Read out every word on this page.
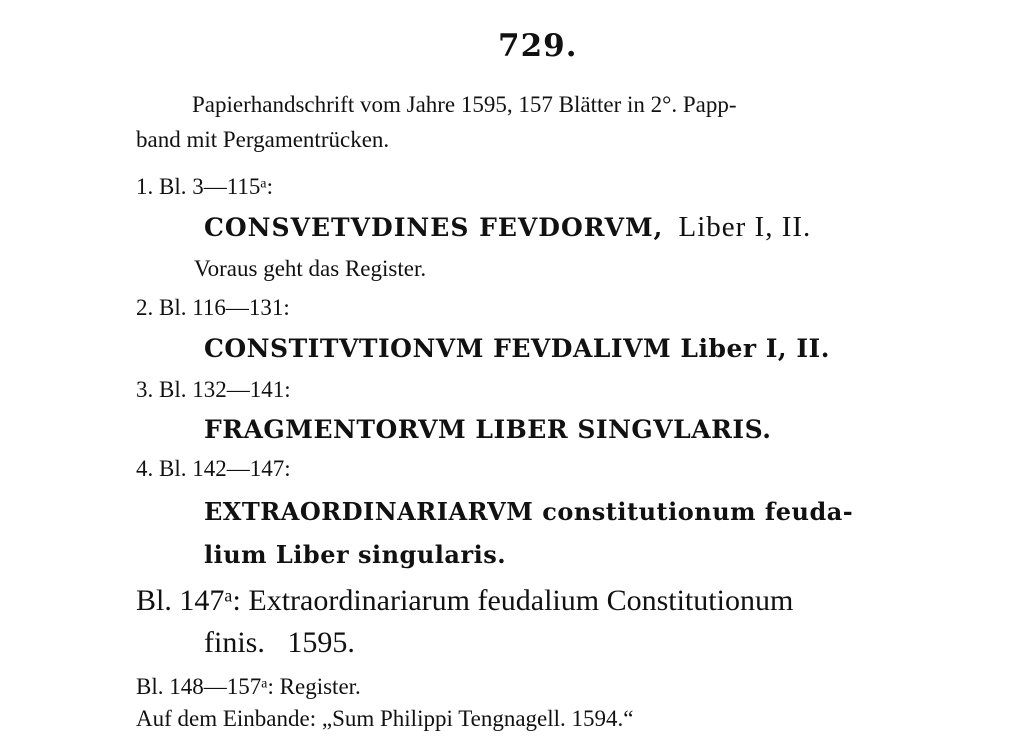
729.
Papierhandschrift vom Jahre 1595, 157 Blätter in 2°. Papp-
band mit Pergamentrücken.
1. Bl. 3—115ᵃ:
CONSVETVDINES FEVDORVM, Liber I, II.
Voraus geht das Register.
2. Bl. 116—131:
CONSTITVTIONVM FEVDALIVM Liber I, II.
3. Bl. 132—141:
FRAGMENTORVM LIBER SINGVLARIS.
4. Bl. 142—147:
EXTRAORDINARIARVM constitutionum feuda-
lium Liber singularis.
Bl. 147ᵃ: Extraordinariarum feudalium Constitutionum
finis.   1595.
Bl. 148—157ᵃ: Register.
Auf dem Einbande: „Sum Philippi Tengnagell. 1594.“
